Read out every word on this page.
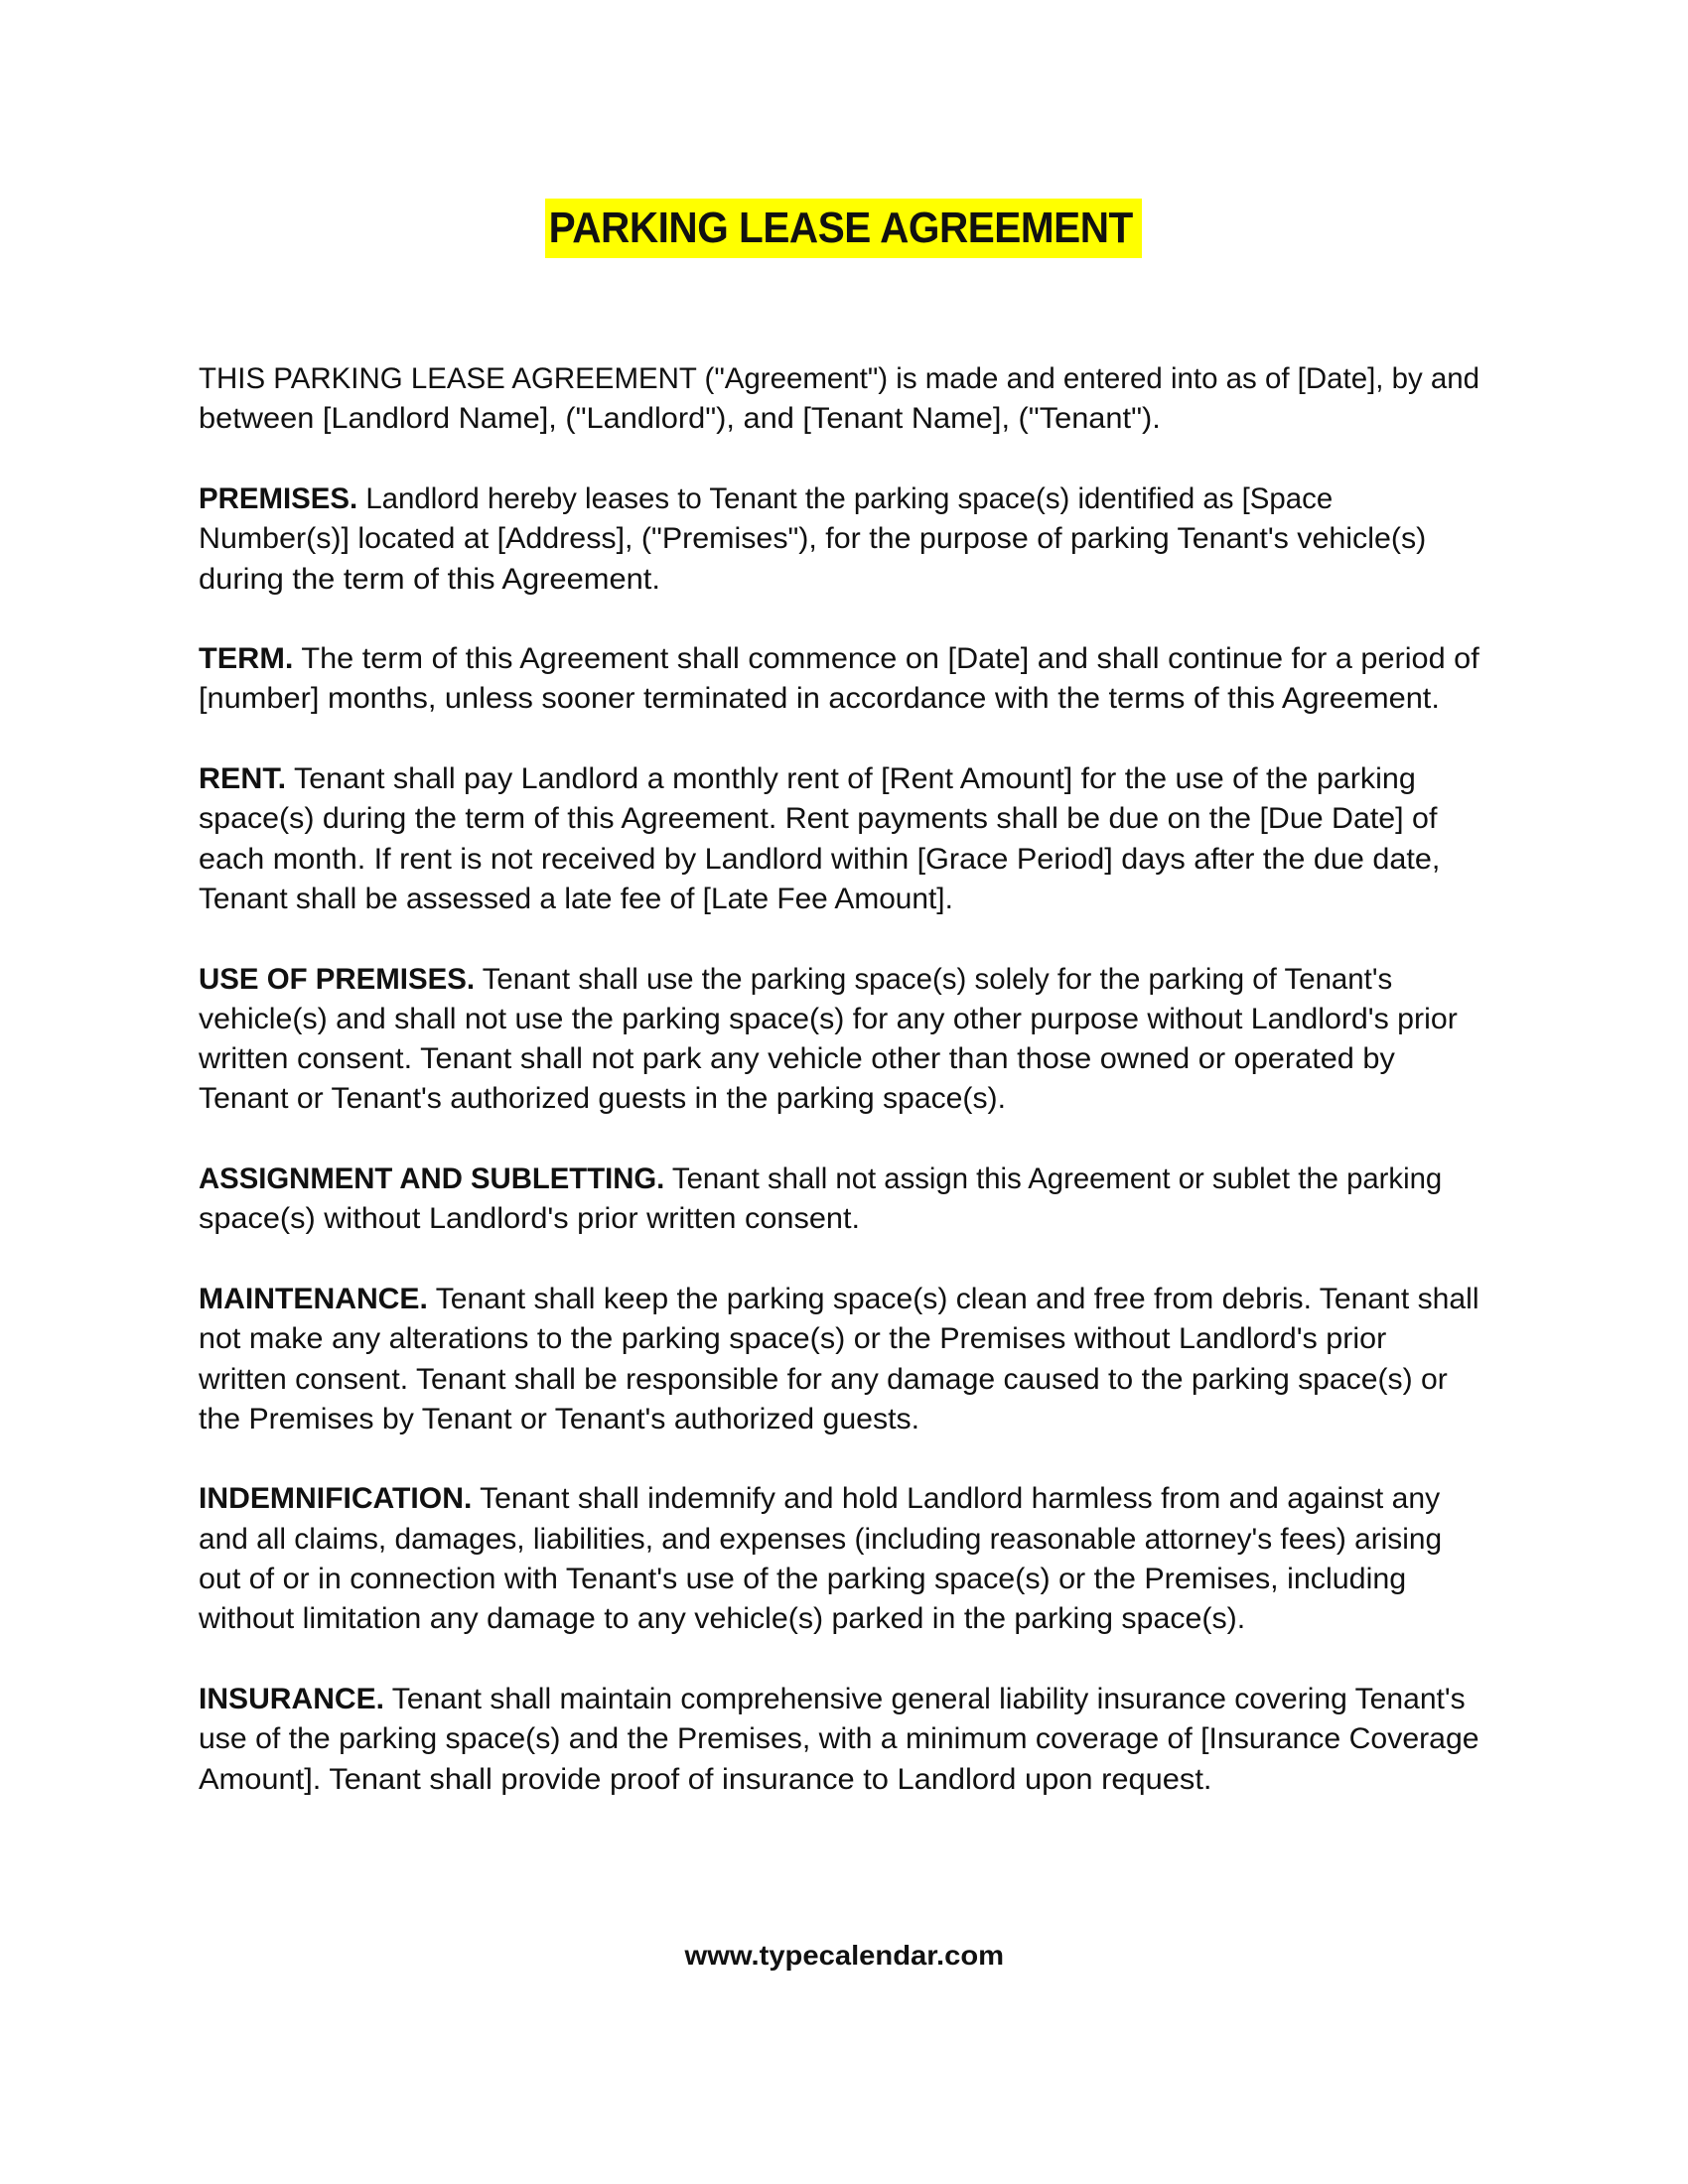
PARKING LEASE AGREEMENT
THIS PARKING LEASE AGREEMENT ("Agreement") is made and entered into as of [Date], by and
between [Landlord Name], ("Landlord"), and [Tenant Name], ("Tenant").
PREMISES. Landlord hereby leases to Tenant the parking space(s) identified as [Space
Number(s)] located at [Address], ("Premises"), for the purpose of parking Tenant's vehicle(s)
during the term of this Agreement.
TERM. The term of this Agreement shall commence on [Date] and shall continue for a period of
[number] months, unless sooner terminated in accordance with the terms of this Agreement.
RENT. Tenant shall pay Landlord a monthly rent of [Rent Amount] for the use of the parking
space(s) during the term of this Agreement. Rent payments shall be due on the [Due Date] of
each month. If rent is not received by Landlord within [Grace Period] days after the due date,
Tenant shall be assessed a late fee of [Late Fee Amount].
USE OF PREMISES. Tenant shall use the parking space(s) solely for the parking of Tenant's
vehicle(s) and shall not use the parking space(s) for any other purpose without Landlord's prior
written consent. Tenant shall not park any vehicle other than those owned or operated by
Tenant or Tenant's authorized guests in the parking space(s).
ASSIGNMENT AND SUBLETTING. Tenant shall not assign this Agreement or sublet the parking
space(s) without Landlord's prior written consent.
MAINTENANCE. Tenant shall keep the parking space(s) clean and free from debris. Tenant shall
not make any alterations to the parking space(s) or the Premises without Landlord's prior
written consent. Tenant shall be responsible for any damage caused to the parking space(s) or
the Premises by Tenant or Tenant's authorized guests.
INDEMNIFICATION. Tenant shall indemnify and hold Landlord harmless from and against any
and all claims, damages, liabilities, and expenses (including reasonable attorney's fees) arising
out of or in connection with Tenant's use of the parking space(s) or the Premises, including
without limitation any damage to any vehicle(s) parked in the parking space(s).
INSURANCE. Tenant shall maintain comprehensive general liability insurance covering Tenant's
use of the parking space(s) and the Premises, with a minimum coverage of [Insurance Coverage
Amount]. Tenant shall provide proof of insurance to Landlord upon request.
www.typecalendar.com
